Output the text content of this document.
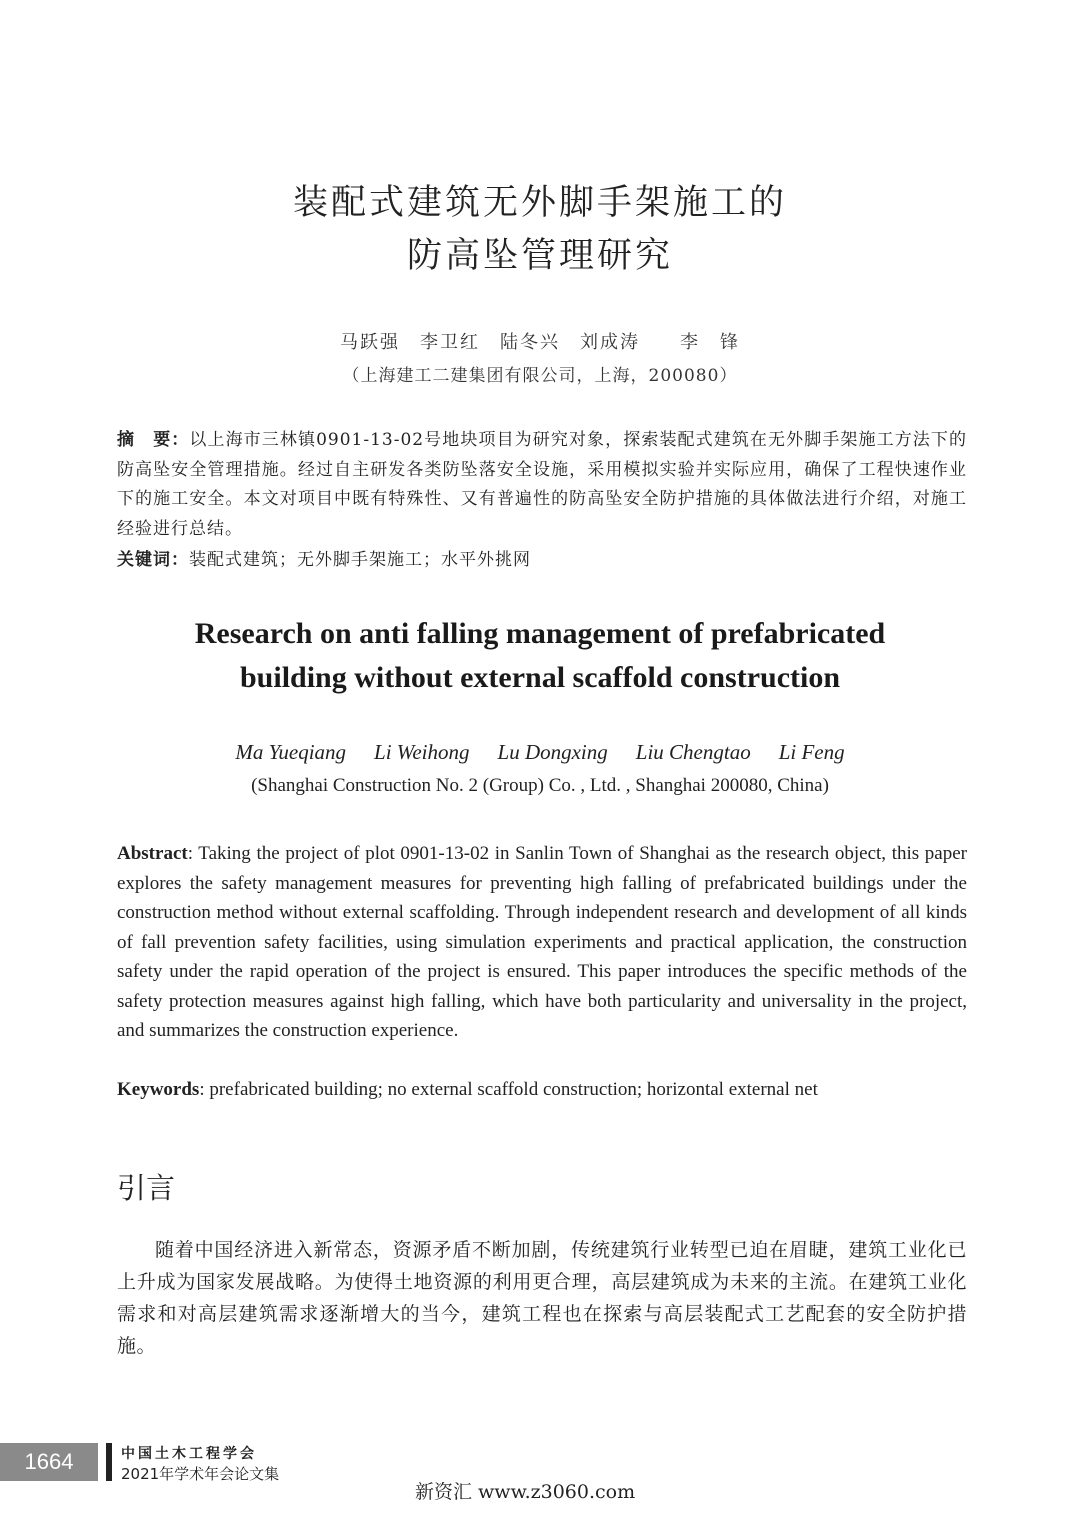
装配式建筑无外脚手架施工的
防高坠管理研究
马跃强　李卫红　陆冬兴　刘成涛　　李　锋
（上海建工二建集团有限公司，上海，200080）
摘　要：以上海市三林镇0901-13-02号地块项目为研究对象，探索装配式建筑在无外脚手架施工方法下的防高坠安全管理措施。经过自主研发各类防坠落安全设施，采用模拟实验并实际应用，确保了工程快速作业下的施工安全。本文对项目中既有特殊性、又有普遍性的防高坠安全防护措施的具体做法进行介绍，对施工经验进行总结。
关键词：装配式建筑；无外脚手架施工；水平外挑网
Research on anti falling management of prefabricated
building without external scaffold construction
Ma Yueqiang Li Weihong Lu Dongxing Liu Chengtao Li Feng
(Shanghai Construction No. 2 (Group) Co. , Ltd. , Shanghai 200080, China)
Abstract: Taking the project of plot 0901-13-02 in Sanlin Town of Shanghai as the research object, this paper explores the safety management measures for preventing high falling of prefabricated buildings under the construction method without external scaffolding. Through independent research and development of all kinds of fall prevention safety facilities, using simulation experiments and practical application, the construction safety under the rapid operation of the project is ensured. This paper introduces the specific methods of the safety protection measures against high falling, which have both particularity and universality in the project, and summarizes the construction experience.
Keywords: prefabricated building; no external scaffold construction; horizontal external net
引言
随着中国经济进入新常态，资源矛盾不断加剧，传统建筑行业转型已迫在眉睫，建筑工业化已上升成为国家发展战略。为使得土地资源的利用更合理，高层建筑成为未来的主流。在建筑工业化需求和对高层建筑需求逐渐增大的当今，建筑工程也在探索与高层装配式工艺配套的安全防护措施。
1664	中国土木工程学会
2021年学术年会论文集
新资汇 www.z3060.com
